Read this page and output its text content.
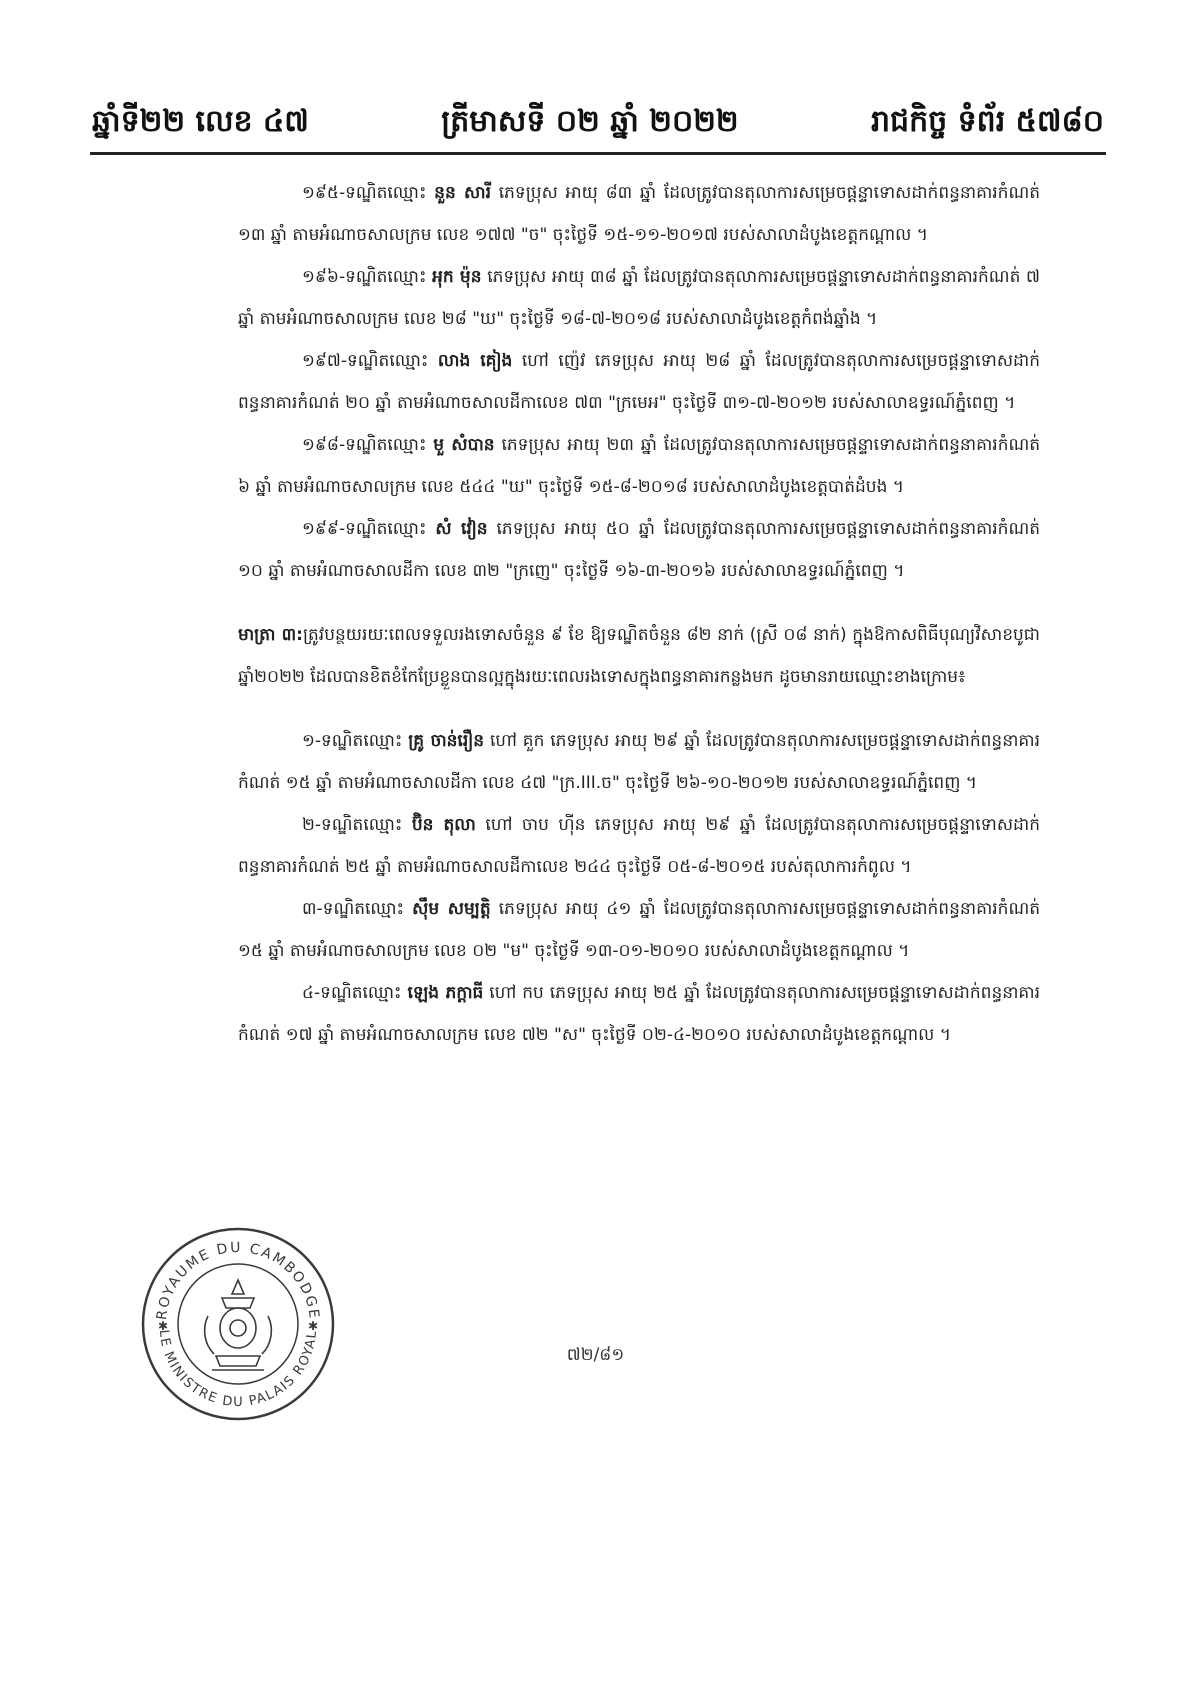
ឆ្នាំទី២២ លេខ ៤៧	ត្រីមាសទី ០២ ឆ្នាំ ២០២២	រាជកិច្ច ទំព័រ ៥៧៨០

១៩៥-ទណ្ឌិតឈ្មោះ នួន សារី ភេទប្រុស អាយុ ៨៣ ឆ្នាំ ដែលត្រូវបានតុលាការសម្រេចផ្តន្ទាទោសដាក់ពន្ធនាគារកំណត់ ១៣ ឆ្នាំ តាមអំណាចសាលក្រម លេខ ១៧៧ "ច" ចុះថ្ងៃទី ១៥-១១-២០១៧ របស់សាលាដំបូងខេត្តកណ្តាល ។

១៩៦-ទណ្ឌិតឈ្មោះ អុក ម៉ុន ភេទប្រុស អាយុ ៣៨ ឆ្នាំ ដែលត្រូវបានតុលាការសម្រេចផ្តន្ទាទោសដាក់ពន្ធនាគារកំណត់ ៧ ឆ្នាំ តាមអំណាចសាលក្រម លេខ ២៨ "ឃ" ចុះថ្ងៃទី ១៨-៧-២០១៨ របស់សាលាដំបូងខេត្តកំពង់ឆ្នាំង ។

១៩៧-ទណ្ឌិតឈ្មោះ លាង គៀង ហៅ ញ៉េវ ភេទប្រុស អាយុ ២៨ ឆ្នាំ ដែលត្រូវបានតុលាការសម្រេចផ្តន្ទាទោសដាក់ពន្ធនាគារកំណត់ ២០ ឆ្នាំ តាមអំណាចសាលដីកាលេខ ៧៣ "ក្រមេអ" ចុះថ្ងៃទី ៣១-៧-២០១២ របស់សាលាឧទ្ធរណ៍ភ្នំពេញ ។

១៩៨-ទណ្ឌិតឈ្មោះ មួ សំបាន ភេទប្រុស អាយុ ២៣ ឆ្នាំ ដែលត្រូវបានតុលាការសម្រេចផ្តន្ទាទោសដាក់ពន្ធនាគារកំណត់ ៦ ឆ្នាំ តាមអំណាចសាលក្រម លេខ ៥៤៤ "ឃ" ចុះថ្ងៃទី ១៥-៨-២០១៨ របស់សាលាដំបូងខេត្តបាត់ដំបង ។

១៩៩-ទណ្ឌិតឈ្មោះ សំ វៀន ភេទប្រុស អាយុ ៥០ ឆ្នាំ ដែលត្រូវបានតុលាការសម្រេចផ្តន្ទាទោសដាក់ពន្ធនាគារកំណត់ ១០ ឆ្នាំ តាមអំណាចសាលដីកា លេខ ៣២ "ក្រញេ" ចុះថ្ងៃទី ១៦-៣-២០១៦ របស់សាលាឧទ្ធរណ៍ភ្នំពេញ ។

មាត្រា ៣:ត្រូវបន្ថយរយៈពេលទទួលរងទោសចំនួន ៩ ខែ ឱ្យទណ្ឌិតចំនួន ៨២ នាក់ (ស្រី ០៨ នាក់) ក្នុងឱកាសពិធីបុណ្យវិសាខបូជាឆ្នាំ២០២២ ដែលបានខិតខំកែប្រែខ្លួនបានល្អក្នុងរយៈពេលរងទោសក្នុងពន្ធនាគារកន្លងមក ដូចមានរាយឈ្មោះខាងក្រោម៖

១-ទណ្ឌិតឈ្មោះ គ្រូ ចាន់រឿន ហៅ គួក ភេទប្រុស អាយុ ២៩ ឆ្នាំ ដែលត្រូវបានតុលាការសម្រេចផ្តន្ទាទោសដាក់ពន្ធនាគារកំណត់ ១៥ ឆ្នាំ តាមអំណាចសាលដីកា លេខ ៤៧ "ក្រ.III.ច" ចុះថ្ងៃទី ២៦-១០-២០១២ របស់សាលាឧទ្ធរណ៍ភ្នំពេញ ។

២-ទណ្ឌិតឈ្មោះ ប៊ិន តុលា ហៅ ចាប ហ៊ីន ភេទប្រុស អាយុ ២៩ ឆ្នាំ ដែលត្រូវបានតុលាការសម្រេចផ្តន្ទាទោសដាក់ពន្ធនាគារកំណត់ ២៥ ឆ្នាំ តាមអំណាចសាលដីកាលេខ ២៤៤ ចុះថ្ងៃទី ០៥-៨-២០១៥ របស់តុលាការកំពូល ។

៣-ទណ្ឌិតឈ្មោះ ស៊ឹម សម្បត្តិ ភេទប្រុស អាយុ ៤១ ឆ្នាំ ដែលត្រូវបានតុលាការសម្រេចផ្តន្ទាទោសដាក់ពន្ធនាគារកំណត់ ១៥ ឆ្នាំ តាមអំណាចសាលក្រម លេខ ០២ "ម" ចុះថ្ងៃទី ១៣-០១-២០១០ របស់សាលាដំបូងខេត្តកណ្តាល ។

៤-ទណ្ឌិតឈ្មោះ ឡេង ភក្ដាធី ហៅ កប ភេទប្រុស អាយុ ២៥ ឆ្នាំ ដែលត្រូវបានតុលាការសម្រេចផ្តន្ទាទោសដាក់ពន្ធនាគារកំណត់ ១៧ ឆ្នាំ តាមអំណាចសាលក្រម លេខ ៧២ "ស" ចុះថ្ងៃទី ០២-៤-២០១០ របស់សាលាដំបូងខេត្តកណ្តាល ។

ROYAUME DU CAMBODGE
LE MINISTRE DU PALAIS ROYAL
✱	✱
៧២/៨១
